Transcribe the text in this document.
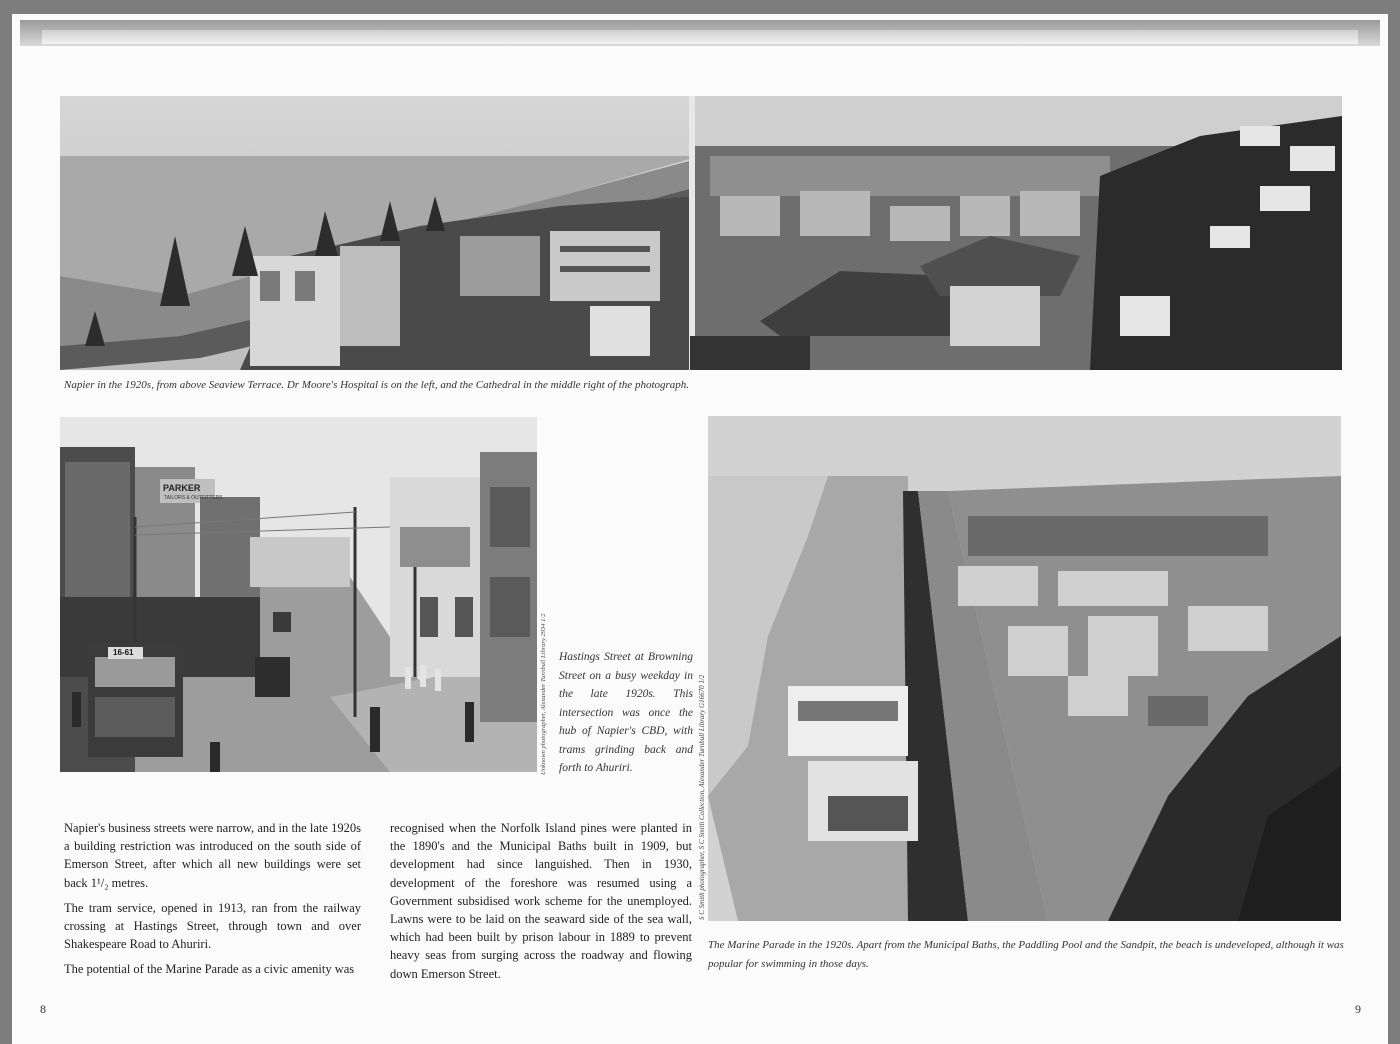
Napier in the 1920s, from above Seaview Terrace. Dr Moore's Hospital is on the left, and the Cathedral in the middle right of the photograph.
PARKER
TAILORS & OUTFITTERS
16-61	Unknown photographer, Alexander Turnbull Library 2934 1/2 Hastings Street at Browning Street on a busy weekday in the late 1920s. This intersection was once the hub of Napier's CBD, with trams grinding back and forth to Ahuriri.	S C Smith photographer, S C Smith Collection, Alexander Turnbull Library G16670 1/2
The Marine Parade in the 1920s. Apart from the Municipal Baths, the Paddling Pool and the Sandpit, the beach is undeveloped, although it was popular for swimming in those days.

Napier's business streets were narrow, and in the late 1920s a building restriction was introduced on the south side of Emerson Street, after which all new buildings were set back 1¹/₂ metres.

The tram service, opened in 1913, ran from the railway crossing at Hastings Street, through town and over Shakespeare Road to Ahuriri.

The potential of the Marine Parade as a civic amenity was

recognised when the Norfolk Island pines were planted in the 1890's and the Municipal Baths built in 1909, but development had since languished. Then in 1930, development of the foreshore was resumed using a Government subsidised work scheme for the unemployed. Lawns were to be laid on the seaward side of the sea wall, which had been built by prison labour in 1889 to prevent heavy seas from surging across the roadway and flowing down Emerson Street.

8	9
